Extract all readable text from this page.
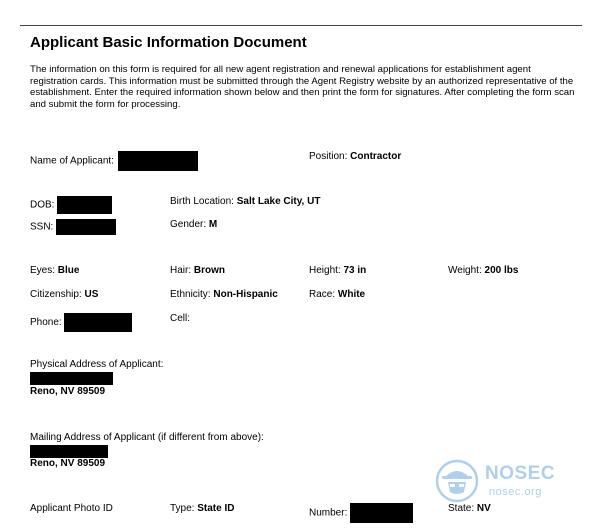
Applicant Basic Information Document
The information on this form is required for all new agent registration and renewal applications for establishment agent registration cards. This information must be submitted through the Agent Registry website by an authorized representative of the establishment. Enter the required information shown below and then print the form for signatures. After completing the form scan and submit the form for processing.
Name of Applicant:	Position: Contractor
DOB:	Birth Location: Salt Lake City, UT
SSN:	Gender: M
Eyes: Blue	Hair: Brown	Height: 73 in	Weight: 200 lbs
Citizenship: US	Ethnicity: Non-Hispanic	Race: White
Phone:	Cell:
Physical Address of Applicant:
Reno, NV 89509
Mailing Address of Applicant (if different from above):
Reno, NV 89509
Applicant Photo ID	Type: State ID	Number:	State: NV
NOSEC
nosec.org
